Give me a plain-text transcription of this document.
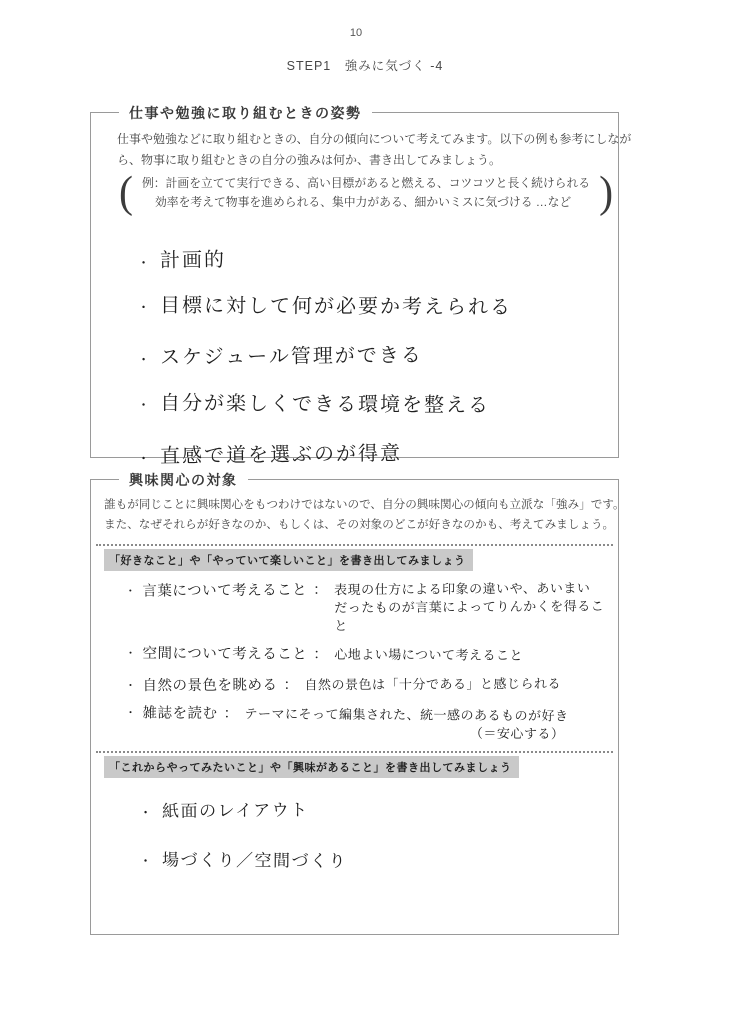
10
STEP1　強みに気づく -4
仕事や勉強に取り組むときの姿勢
仕事や勉強などに取り組むときの、自分の傾向について考えてみます。以下の例も参考にしなが
ら、物事に取り組むときの自分の強みは何か、書き出してみましょう。
( 例：計画を立てて実行できる、高い目標があると燃える、コツコツと長く続けられる
効率を考えて物事を進められる、集中力がある、細かいミスに気づける …など )
・ 計画的
・ 目標に対して何が必要か考えられる
・ スケジュール管理ができる
・ 自分が楽しくできる環境を整える
・ 直感で道を選ぶのが得意
興味関心の対象
誰もが同じことに興味関心をもつわけではないので、自分の興味関心の傾向も立派な「強み」です。
また、なぜそれらが好きなのか、もしくは、その対象のどこが好きなのかも、考えてみましょう。
「好きなこと」や「やっていて楽しいこと」を書き出してみましょう
・ 言葉について考えること ： 表現の仕方による印象の違いや、あいまい
だったものが言葉によってりんかくを得ること
・ 空間について考えること ： 心地よい場について考えること
・ 自然の景色を眺める ： 自然の景色は「十分である」と感じられる
・ 雑誌を読む ： テーマにそって編集された、統一感のあるものが好き
（＝安心する）
「これからやってみたいこと」や「興味があること」を書き出してみましょう
・ 紙面のレイアウト
・ 場づくり／空間づくり
